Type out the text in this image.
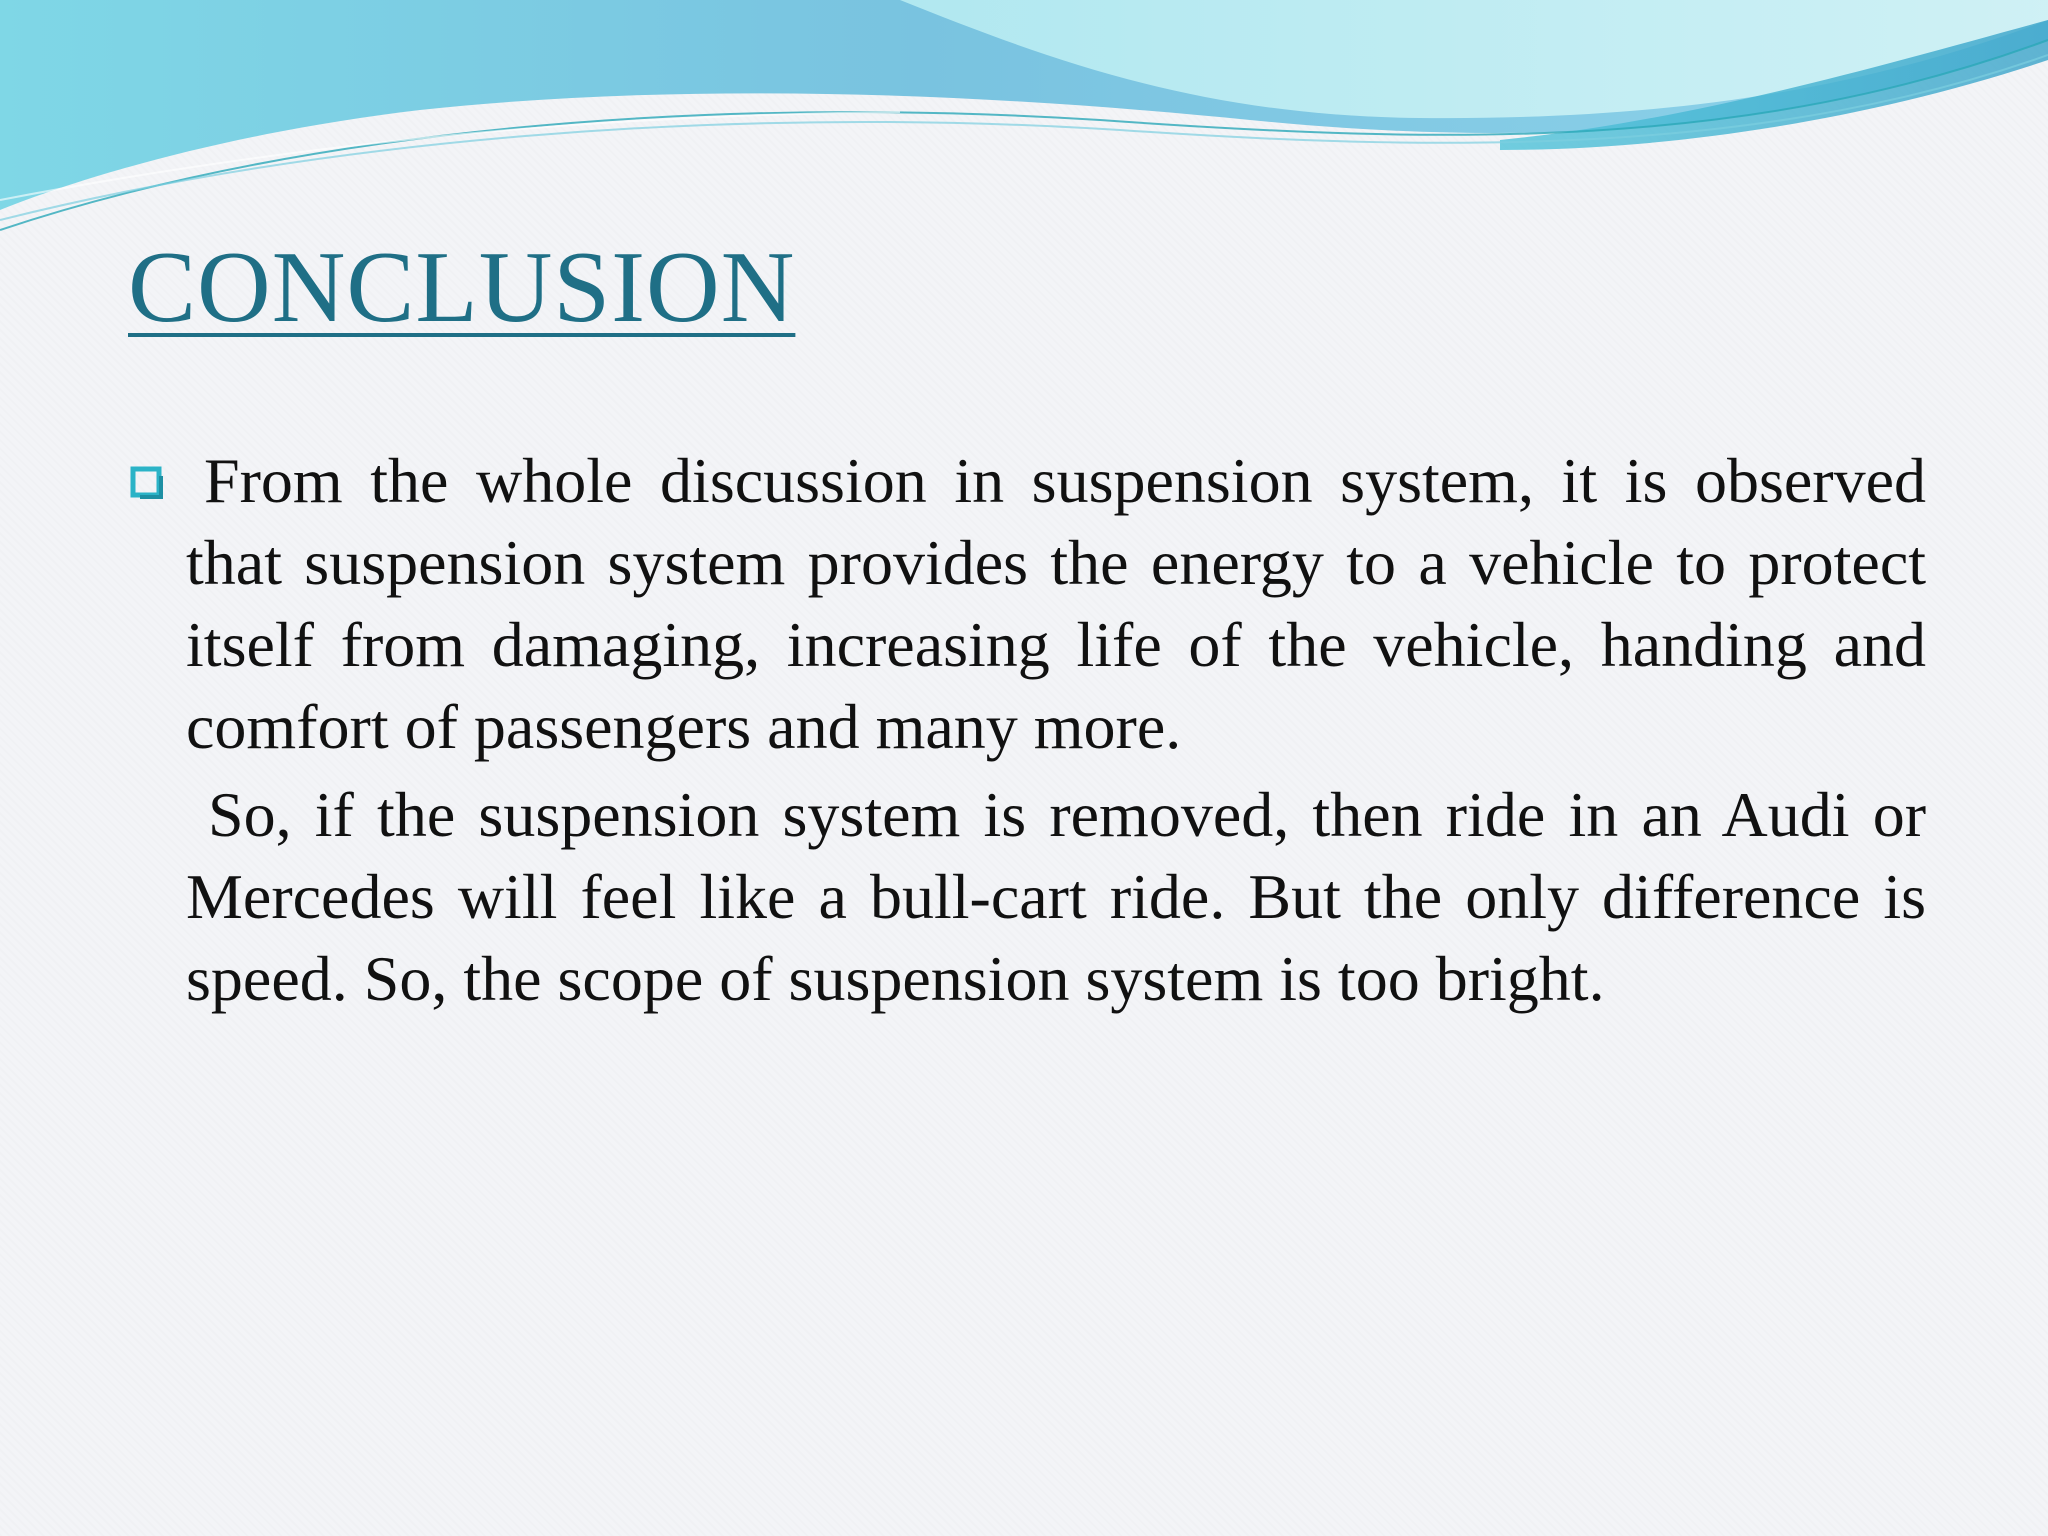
CONCLUSION

From the whole discussion in suspension system, it is observed that suspension system provides the energy to a vehicle to protect itself from damaging, increasing life of the vehicle, handing and comfort of passengers and many more.

So, if the suspension system is removed, then ride in an Audi or Mercedes will feel like a bull-cart ride. But the only difference is speed. So, the scope of suspension system is too bright.
